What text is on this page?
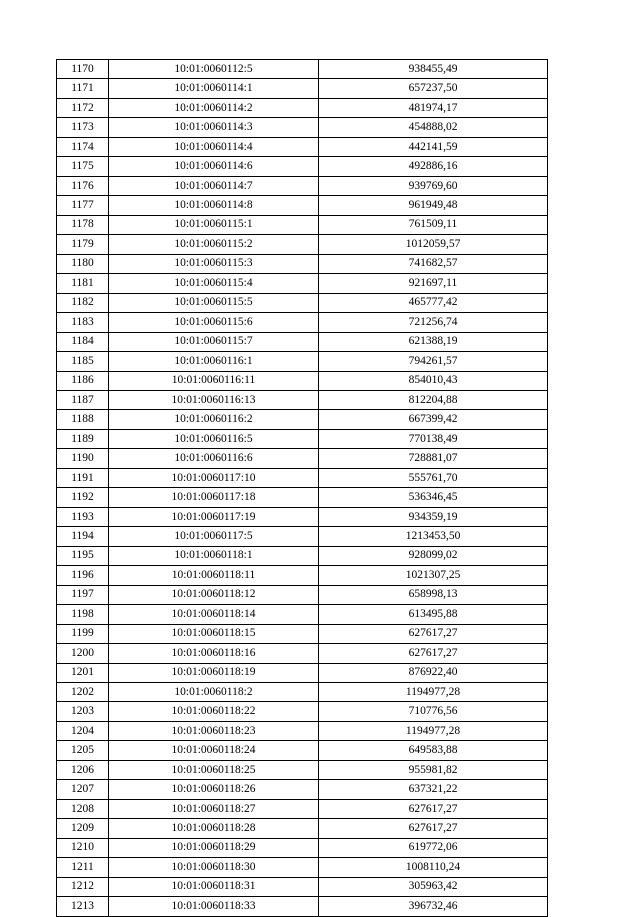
1170	10:01:0060112:5	938455,49
1171	10:01:0060114:1	657237,50
1172	10:01:0060114:2	481974,17
1173	10:01:0060114:3	454888,02
1174	10:01:0060114:4	442141,59
1175	10:01:0060114:6	492886,16
1176	10:01:0060114:7	939769,60
1177	10:01:0060114:8	961949,48
1178	10:01:0060115:1	761509,11
1179	10:01:0060115:2	1012059,57
1180	10:01:0060115:3	741682,57
1181	10:01:0060115:4	921697,11
1182	10:01:0060115:5	465777,42
1183	10:01:0060115:6	721256,74
1184	10:01:0060115:7	621388,19
1185	10:01:0060116:1	794261,57
1186	10:01:0060116:11	854010,43
1187	10:01:0060116:13	812204,88
1188	10:01:0060116:2	667399,42
1189	10:01:0060116:5	770138,49
1190	10:01:0060116:6	728881,07
1191	10:01:0060117:10	555761,70
1192	10:01:0060117:18	536346,45
1193	10:01:0060117:19	934359,19
1194	10:01:0060117:5	1213453,50
1195	10:01:0060118:1	928099,02
1196	10:01:0060118:11	1021307,25
1197	10:01:0060118:12	658998,13
1198	10:01:0060118:14	613495,88
1199	10:01:0060118:15	627617,27
1200	10:01:0060118:16	627617,27
1201	10:01:0060118:19	876922,40
1202	10:01:0060118:2	1194977,28
1203	10:01:0060118:22	710776,56
1204	10:01:0060118:23	1194977,28
1205	10:01:0060118:24	649583,88
1206	10:01:0060118:25	955981,82
1207	10:01:0060118:26	637321,22
1208	10:01:0060118:27	627617,27
1209	10:01:0060118:28	627617,27
1210	10:01:0060118:29	619772,06
1211	10:01:0060118:30	1008110,24
1212	10:01:0060118:31	305963,42
1213	10:01:0060118:33	396732,46
